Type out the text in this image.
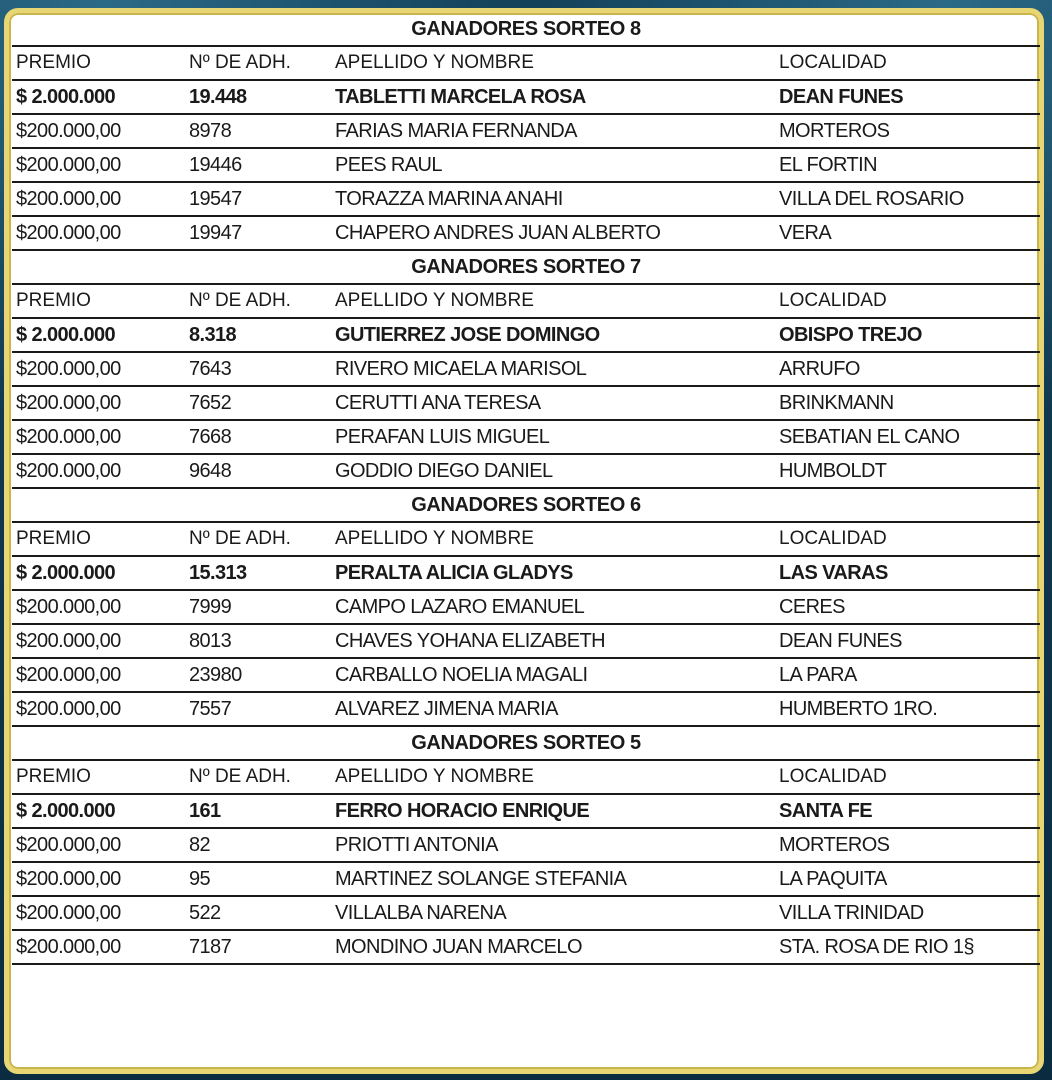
GANADORES SORTEO 8			
PREMIO	Nº DE ADH.	APELLIDO Y NOMBRE	LOCALIDAD
$ 2.000.000	19.448	TABLETTI MARCELA ROSA	DEAN FUNES
$200.000,00	8978	FARIAS MARIA FERNANDA	MORTEROS
$200.000,00	19446	PEES RAUL	EL FORTIN
$200.000,00	19547	TORAZZA MARINA ANAHI	VILLA DEL ROSARIO
$200.000,00	19947	CHAPERO ANDRES JUAN ALBERTO	VERA
GANADORES SORTEO 7			
PREMIO	Nº DE ADH.	APELLIDO Y NOMBRE	LOCALIDAD
$ 2.000.000	8.318	GUTIERREZ JOSE DOMINGO	OBISPO TREJO
$200.000,00	7643	RIVERO MICAELA MARISOL	ARRUFO
$200.000,00	7652	CERUTTI ANA TERESA	BRINKMANN
$200.000,00	7668	PERAFAN LUIS MIGUEL	SEBATIAN EL CANO
$200.000,00	9648	GODDIO DIEGO DANIEL	HUMBOLDT
GANADORES SORTEO 6			
PREMIO	Nº DE ADH.	APELLIDO Y NOMBRE	LOCALIDAD
$ 2.000.000	15.313	PERALTA ALICIA GLADYS	LAS VARAS
$200.000,00	7999	CAMPO LAZARO EMANUEL	CERES
$200.000,00	8013	CHAVES YOHANA ELIZABETH	DEAN FUNES
$200.000,00	23980	CARBALLO NOELIA MAGALI	LA PARA
$200.000,00	7557	ALVAREZ JIMENA MARIA	HUMBERTO 1RO.
GANADORES SORTEO 5			
PREMIO	Nº DE ADH.	APELLIDO Y NOMBRE	LOCALIDAD
$ 2.000.000	161	FERRO HORACIO ENRIQUE	SANTA FE
$200.000,00	82	PRIOTTI ANTONIA	MORTEROS
$200.000,00	95	MARTINEZ SOLANGE STEFANIA	LA PAQUITA
$200.000,00	522	VILLALBA NARENA	VILLA TRINIDAD
$200.000,00	7187	MONDINO JUAN MARCELO	STA. ROSA DE RIO 1§
